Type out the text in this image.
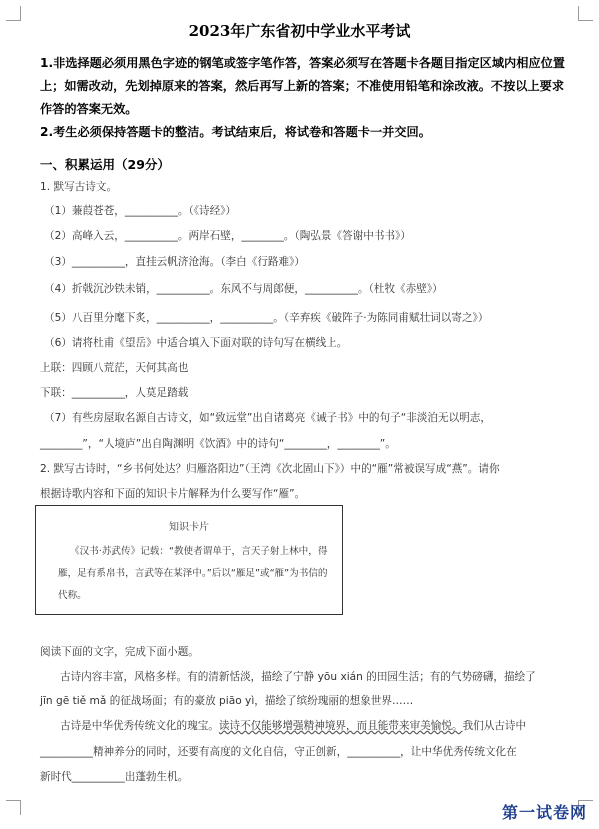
2023年广东省初中学业水平考试

1.非选择题必须用黑色字迹的钢笔或签字笔作答，答案必须写在答题卡各题目指定区域内相应位置上；如需改动，先划掉原来的答案，然后再写上新的答案；不准使用铅笔和涂改液。不按以上要求作答的答案无效。

2.考生必须保持答题卡的整洁。考试结束后，将试卷和答题卡一并交回。

一、积累运用（29分）
1. 默写古诗文。
（1）蒹葭苍苍，__________。（《诗经》）
（2）高峰入云，__________。两岸石壁，________。（陶弘景《答谢中书书》）
（3）__________，直挂云帆济沧海。（李白《行路难》）
（4）折戟沉沙铁未销，__________。东风不与周郎便，__________。（杜牧《赤壁》）
（5）八百里分麾下炙，__________，__________。（辛弃疾《破阵子·为陈同甫赋壮词以寄之》）
（6）请将杜甫《望岳》中适合填入下面对联的诗句写在横线上。
上联：四顾八荒茫，天何其高也
下联：__________，人莫足踏载
（7）有些房屋取名源自古诗文，如“致远堂”出自诸葛亮《诫子书》中的句子“非淡泊无以明志，
________”，“人境庐”出自陶渊明《饮酒》中的诗句“________，________”。
2. 默写古诗时，“乡书何处达？归雁洛阳边”（王湾《次北固山下》）中的“雁”常被误写成“燕”。请你
根据诗歌内容和下面的知识卡片解释为什么要写作“雁”。
知识卡片
《汉书·苏武传》记载：“教使者谓单于，言天子射上林中，得雁，足有系帛书，言武等在某泽中。”后以“雁足”或“雁”为书信的代称。
阅读下面的文字，完成下面小题。
古诗内容丰富，风格多样。有的清新恬淡，描绘了宁静 yōu xián 的田园生活；有的气势磅礴，描绘了
jīn gē tiě mǎ 的征战场面；有的豪放 piāo yì，描绘了缤纷瑰丽的想象世界……
古诗是中华优秀传统文化的瑰宝。读诗不仅能够增强精神境界，而且能带来审美愉悦。我们从古诗中
__________精神养分的同时，还要有高度的文化自信，守正创新，__________，让中华优秀传统文化在
新时代__________出蓬勃生机。
第一试卷网
